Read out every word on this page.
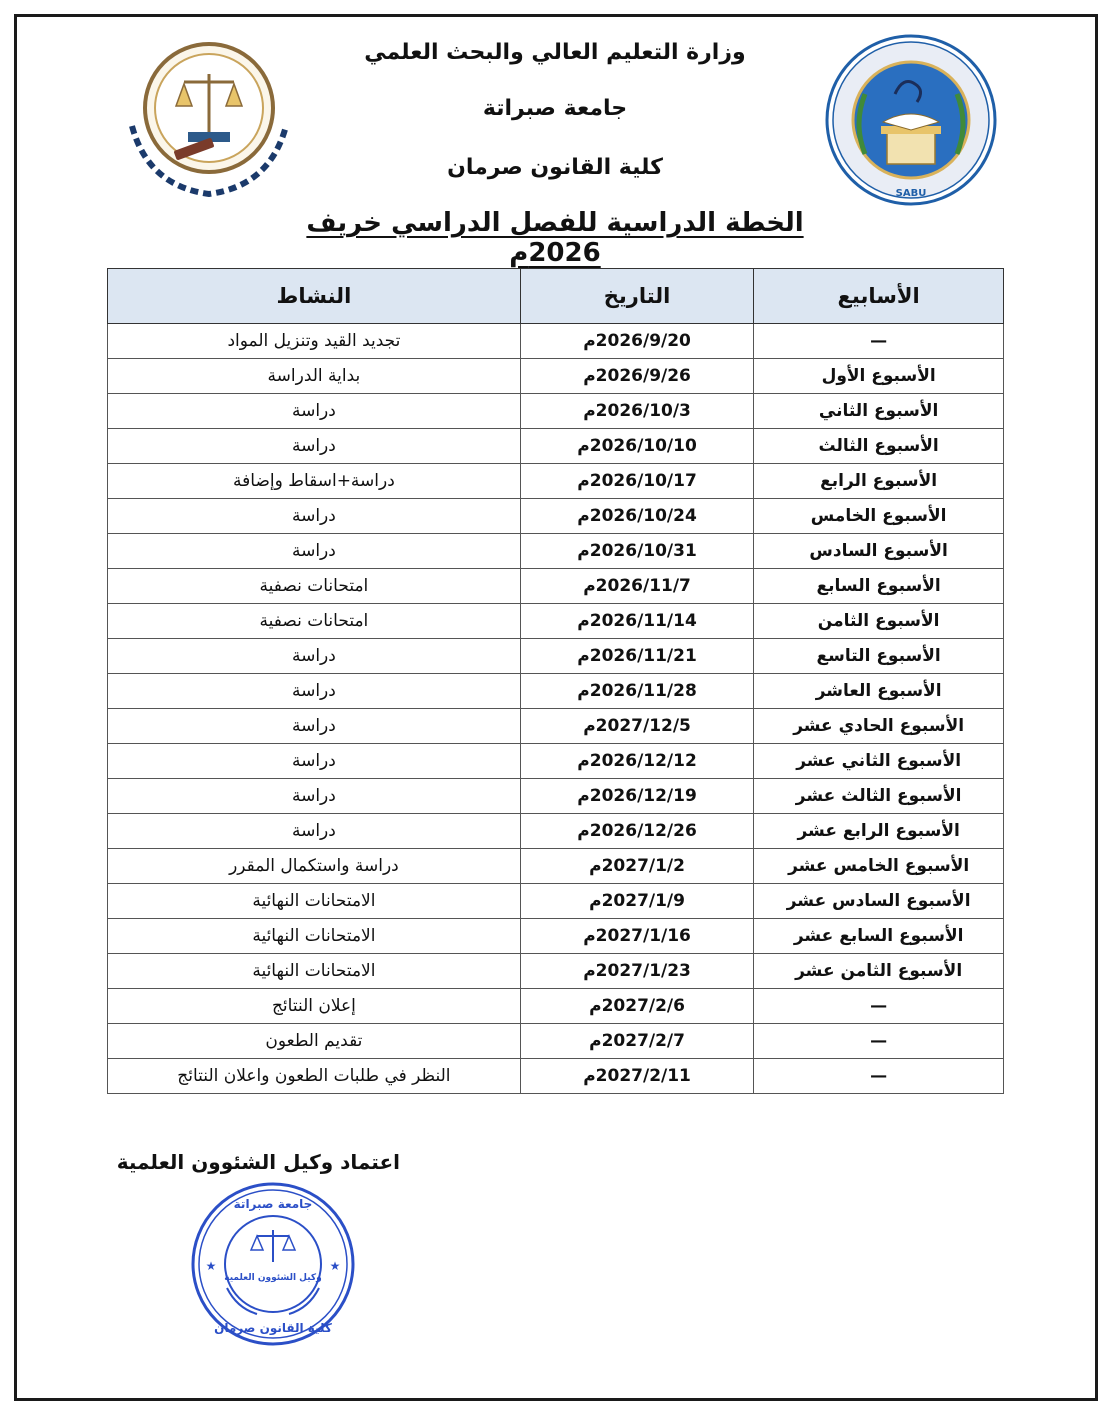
SABU
وزارة التعليم العالي والبحث العلمي
جامعة صبراتة
كلية القانون صرمان
الخطة الدراسية للفصل الدراسي خريف 2026م
الأسابيع	التاريخ	النشاط
—	2026/9/20م	تجديد القيد وتنزيل المواد
الأسبوع الأول	2026/9/26م	بداية الدراسة
الأسبوع الثاني	2026/10/3م	دراسة
الأسبوع الثالث	2026/10/10م	دراسة
الأسبوع الرابع	2026/10/17م	دراسة+اسقاط وإضافة
الأسبوع الخامس	2026/10/24م	دراسة
الأسبوع السادس	2026/10/31م	دراسة
الأسبوع السابع	2026/11/7م	امتحانات نصفية
الأسبوع الثامن	2026/11/14م	امتحانات نصفية
الأسبوع التاسع	2026/11/21م	دراسة
الأسبوع العاشر	2026/11/28م	دراسة
الأسبوع الحادي عشر	2027/12/5م	دراسة
الأسبوع الثاني عشر	2026/12/12م	دراسة
الأسبوع الثالث عشر	2026/12/19م	دراسة
الأسبوع الرابع عشر	2026/12/26م	دراسة
الأسبوع الخامس عشر	2027/1/2م	دراسة واستكمال المقرر
الأسبوع السادس عشر	2027/1/9م	الامتحانات النهائية
الأسبوع السابع عشر	2027/1/16م	الامتحانات النهائية
الأسبوع الثامن عشر	2027/1/23م	الامتحانات النهائية
—	2027/2/6م	إعلان النتائج
—	2027/2/7م	تقديم الطعون
—	2027/2/11م	النظر في طلبات الطعون واعلان النتائج
اعتماد وكيل الشئوون العلمية
★	★
جامعة صبراتة
وكيل الشئوون العلمية
كلية القانون صرمان
